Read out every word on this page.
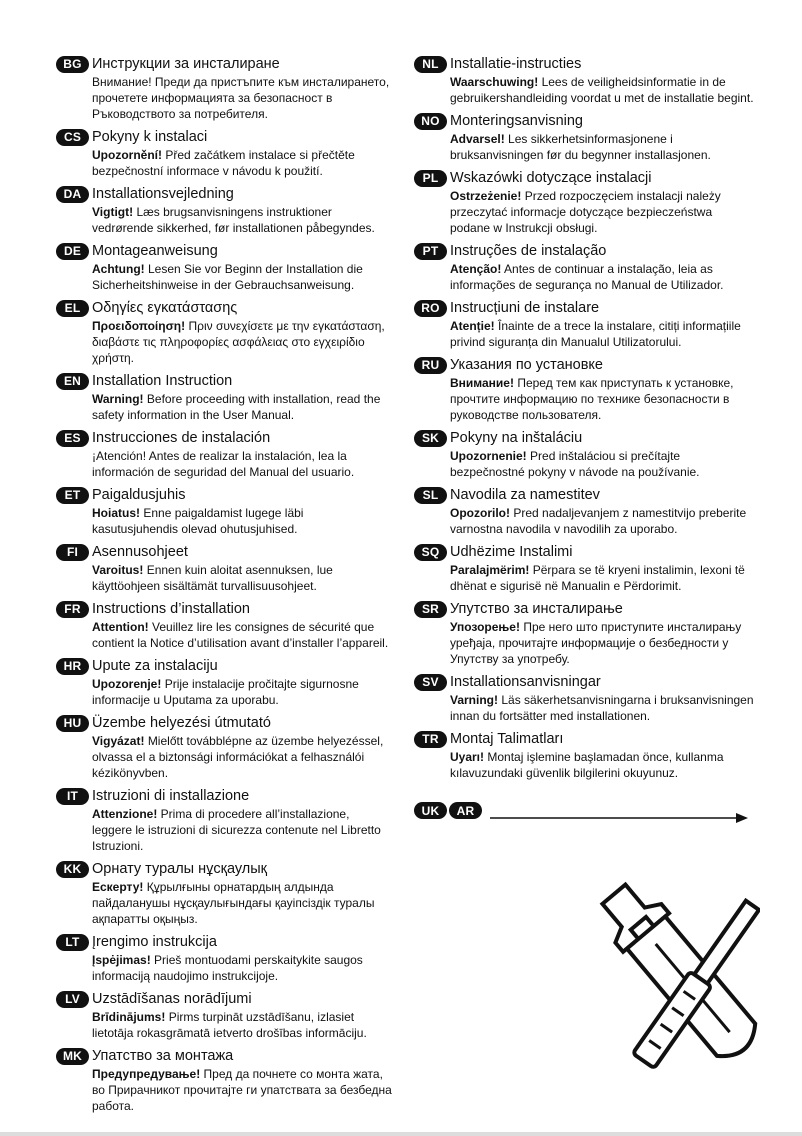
BG Инструкции за инсталиране
Внимание! Преди да пристъпите към инсталирането, прочетете информацията за безопасност в Ръководството за потребителя.
CS Pokyny k instalaci
Upozornění! Před začátkem instalace si přečtěte bezpečnostní informace v návodu k použití.
DA Installationsvejledning
Vigtigt! Læs brugsanvisningens instruktioner vedrørende sikkerhed, før installationen påbegyndes.
DE Montageanweisung
Achtung! Lesen Sie vor Beginn der Installation die Sicherheitshinweise in der Gebrauchsanweisung.
EL Οδηγίες εγκατάστασης
Προειδοποίηση! Πριν συνεχίσετε με την εγκατάσταση, διαβάστε τις πληροφορίες ασφάλειας στο εγχειρίδιο χρήστη.
EN Installation Instruction
Warning! Before proceeding with installation, read the safety information in the User Manual.
ES Instrucciones de instalación
¡Atención! Antes de realizar la instalación, lea la información de seguridad del Manual del usuario.
ET Paigaldusjuhis
Hoiatus! Enne paigaldamist lugege läbi kasutusjuhendis olevad ohutusjuhised.
FI Asennusohjeet
Varoitus! Ennen kuin aloitat asennuksen, lue käyttöohjeen sisältämät turvallisuusohjeet.
FR Instructions d’installation
Attention! Veuillez lire les consignes de sécurité que contient la Notice d’utilisation avant d’installer l’appareil.
HR Upute za instalaciju
Upozorenje! Prije instalacije pročitajte sigurnosne informacije u Uputama za uporabu.
HU Üzembe helyezési útmutató
Vigyázat! Mielőtt továbblépne az üzembe helyezéssel, olvassa el a biztonsági információkat a felhasználói kézikönyvben.
IT Istruzioni di installazione
Attenzione! Prima di procedere all’installazione, leggere le istruzioni di sicurezza contenute nel Libretto Istruzioni.
KK Орнату туралы нұсқаулық
Ескерту! Құрылғыны орнатардың алдында пайдаланушы нұсқаулығындағы қауіпсіздік туралы ақпаратты оқыңыз.
LT Įrengimo instrukcija
Įspėjimas! Prieš montuodami perskaitykite saugos informaciją naudojimo instrukcijoje.
LV Uzstādīšanas norādījumi
Brīdinājums! Pirms turpināt uzstādīšanu, izlasiet lietotāja rokasgrāmatā ietverto drošības informāciju.
MK Упатство за монтажа
Предупредување! Пред да почнете со монта жата, во Прирачникот прочитајте ги упатствата за безбедна работа.
NL Installatie-instructies
Waarschuwing! Lees de veiligheidsinformatie in de gebruikershandleiding voordat u met de installatie begint.
NO Monteringsanvisning
Advarsel! Les sikkerhetsinformasjonene i bruksanvisningen før du begynner installasjonen.
PL Wskazówki dotyczące instalacji
Ostrzeżenie! Przed rozpoczęciem instalacji należy przeczytać informacje dotyczące bezpieczeństwa podane w Instrukcji obsługi.
PT Instruções de instalação
Atenção! Antes de continuar a instalação, leia as informações de segurança no Manual de Utilizador.
RO Instrucțiuni de instalare
Atenție! Înainte de a trece la instalare, citiți informațiile privind siguranța din Manualul Utilizatorului.
RU Указания по установке
Внимание! Перед тем как приступать к установке, прочтите информацию по технике безопасности в руководстве пользователя.
SK Pokyny na inštaláciu
Upozornenie! Pred inštaláciou si prečítajte bezpečnostné pokyny v návode na používanie.
SL Navodila za namestitev
Opozorilo! Pred nadaljevanjem z namestitvijo preberite varnostna navodila v navodilih za uporabo.
SQ Udhëzime Instalimi
Paralajmërim! Përpara se të kryeni instalimin, lexoni të dhënat e sigurisë në Manualin e Përdorimit.
SR Упутство за инсталирање
Упозорење! Пре него што приступите инсталирању уређаја, прочитајте информације о безбедности у Упутству за употребу.
SV Installationsanvisningar
Varning! Läs säkerhetsanvisningarna i bruksanvisningen innan du fortsätter med installationen.
TR Montaj Talimatları
Uyarı! Montaj işlemine başlamadan önce, kullanma kılavuzundaki güvenlik bilgilerini okuyunuz.
UK	AR
